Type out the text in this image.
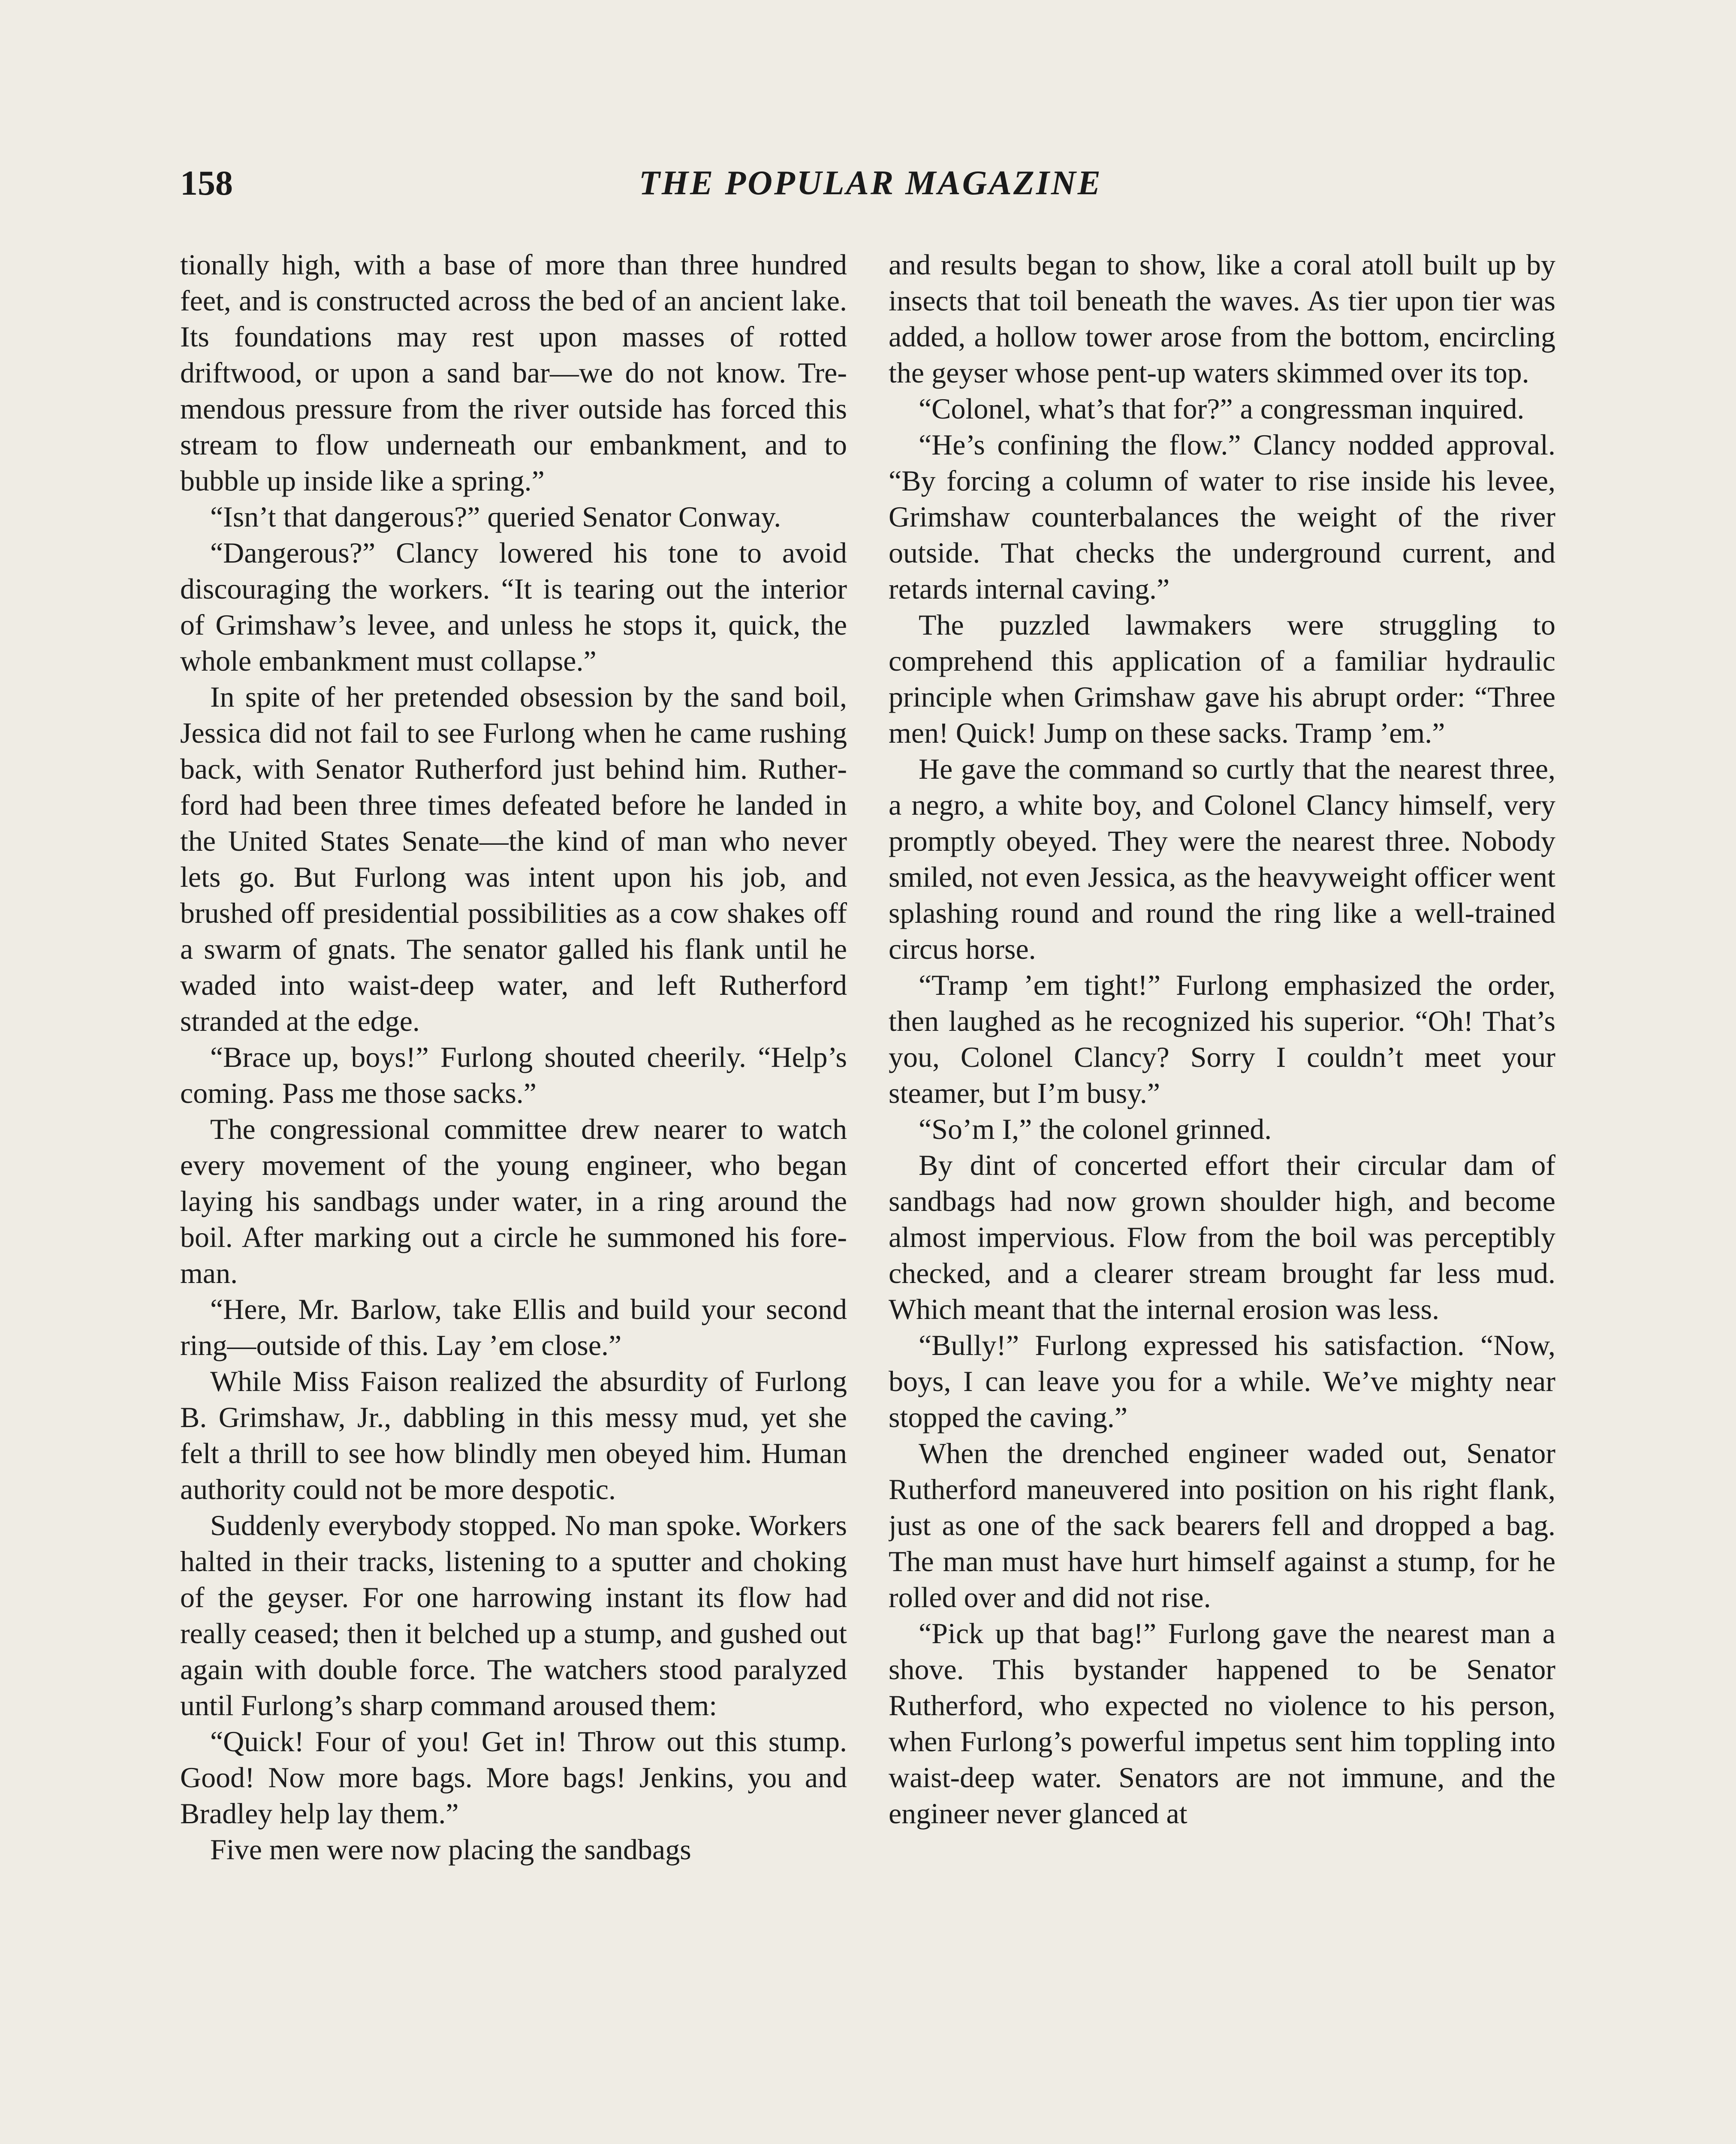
158	THE POPULAR MAGAZINE

tionally high, with a base of more than three hundred feet, and is constructed across the bed of an ancient lake. Its foundations may rest upon masses of rotted driftwood, or upon a sand bar—we do not know. Tremendous pressure from the river outside has forced this stream to flow underneath our embankment, and to bubble up inside like a spring.”

“Isn’t that dangerous?” queried Senator Conway.

“Dangerous?” Clancy lowered his tone to avoid discouraging the workers. “It is tearing out the interior of Grimshaw’s levee, and unless he stops it, quick, the whole embankment must collapse.”

In spite of her pretended obsession by the sand boil, Jessica did not fail to see Furlong when he came rushing back, with Senator Rutherford just behind him. Rutherford had been three times defeated before he landed in the United States Senate—the kind of man who never lets go. But Furlong was intent upon his job, and brushed off presidential possibilities as a cow shakes off a swarm of gnats. The senator galled his flank until he waded into waist-deep water, and left Rutherford stranded at the edge.

“Brace up, boys!” Furlong shouted cheerily. “Help’s coming. Pass me those sacks.”

The congressional committee drew nearer to watch every movement of the young engineer, who began laying his sandbags under water, in a ring around the boil. After marking out a circle he summoned his foreman.

“Here, Mr. Barlow, take Ellis and build your second ring—outside of this. Lay ’em close.”

While Miss Faison realized the absurdity of Furlong B. Grimshaw, Jr., dabbling in this messy mud, yet she felt a thrill to see how blindly men obeyed him. Human authority could not be more despotic.

Suddenly everybody stopped. No man spoke. Workers halted in their tracks, listening to a sputter and choking of the geyser. For one harrowing instant its flow had really ceased; then it belched up a stump, and gushed out again with double force. The watchers stood paralyzed until Furlong’s sharp command aroused them:

“Quick! Four of you! Get in! Throw out this stump. Good! Now more bags. More bags! Jenkins, you and Bradley help lay them.”

Five men were now placing the sandbags

and results began to show, like a coral atoll built up by insects that toil beneath the waves. As tier upon tier was added, a hollow tower arose from the bottom, encircling the geyser whose pent-up waters skimmed over its top.

“Colonel, what’s that for?” a congressman inquired.

“He’s confining the flow.” Clancy nodded approval. “By forcing a column of water to rise inside his levee, Grimshaw counterbalances the weight of the river outside. That checks the underground current, and retards internal caving.”

The puzzled lawmakers were struggling to comprehend this application of a familiar hydraulic principle when Grimshaw gave his abrupt order: “Three men! Quick! Jump on these sacks. Tramp ’em.”

He gave the command so curtly that the nearest three, a negro, a white boy, and Colonel Clancy himself, very promptly obeyed. They were the nearest three. Nobody smiled, not even Jessica, as the heavyweight officer went splashing round and round the ring like a well-trained circus horse.

“Tramp ’em tight!” Furlong emphasized the order, then laughed as he recognized his superior. “Oh! That’s you, Colonel Clancy? Sorry I couldn’t meet your steamer, but I’m busy.”

“So’m I,” the colonel grinned.

By dint of concerted effort their circular dam of sandbags had now grown shoulder high, and become almost impervious. Flow from the boil was perceptibly checked, and a clearer stream brought far less mud. Which meant that the internal erosion was less.

“Bully!” Furlong expressed his satisfaction. “Now, boys, I can leave you for a while. We’ve mighty near stopped the caving.”

When the drenched engineer waded out, Senator Rutherford maneuvered into position on his right flank, just as one of the sack bearers fell and dropped a bag. The man must have hurt himself against a stump, for he rolled over and did not rise.

“Pick up that bag!” Furlong gave the nearest man a shove. This bystander happened to be Senator Rutherford, who expected no violence to his person, when Furlong’s powerful impetus sent him toppling into waist-deep water. Senators are not immune, and the engineer never glanced at
